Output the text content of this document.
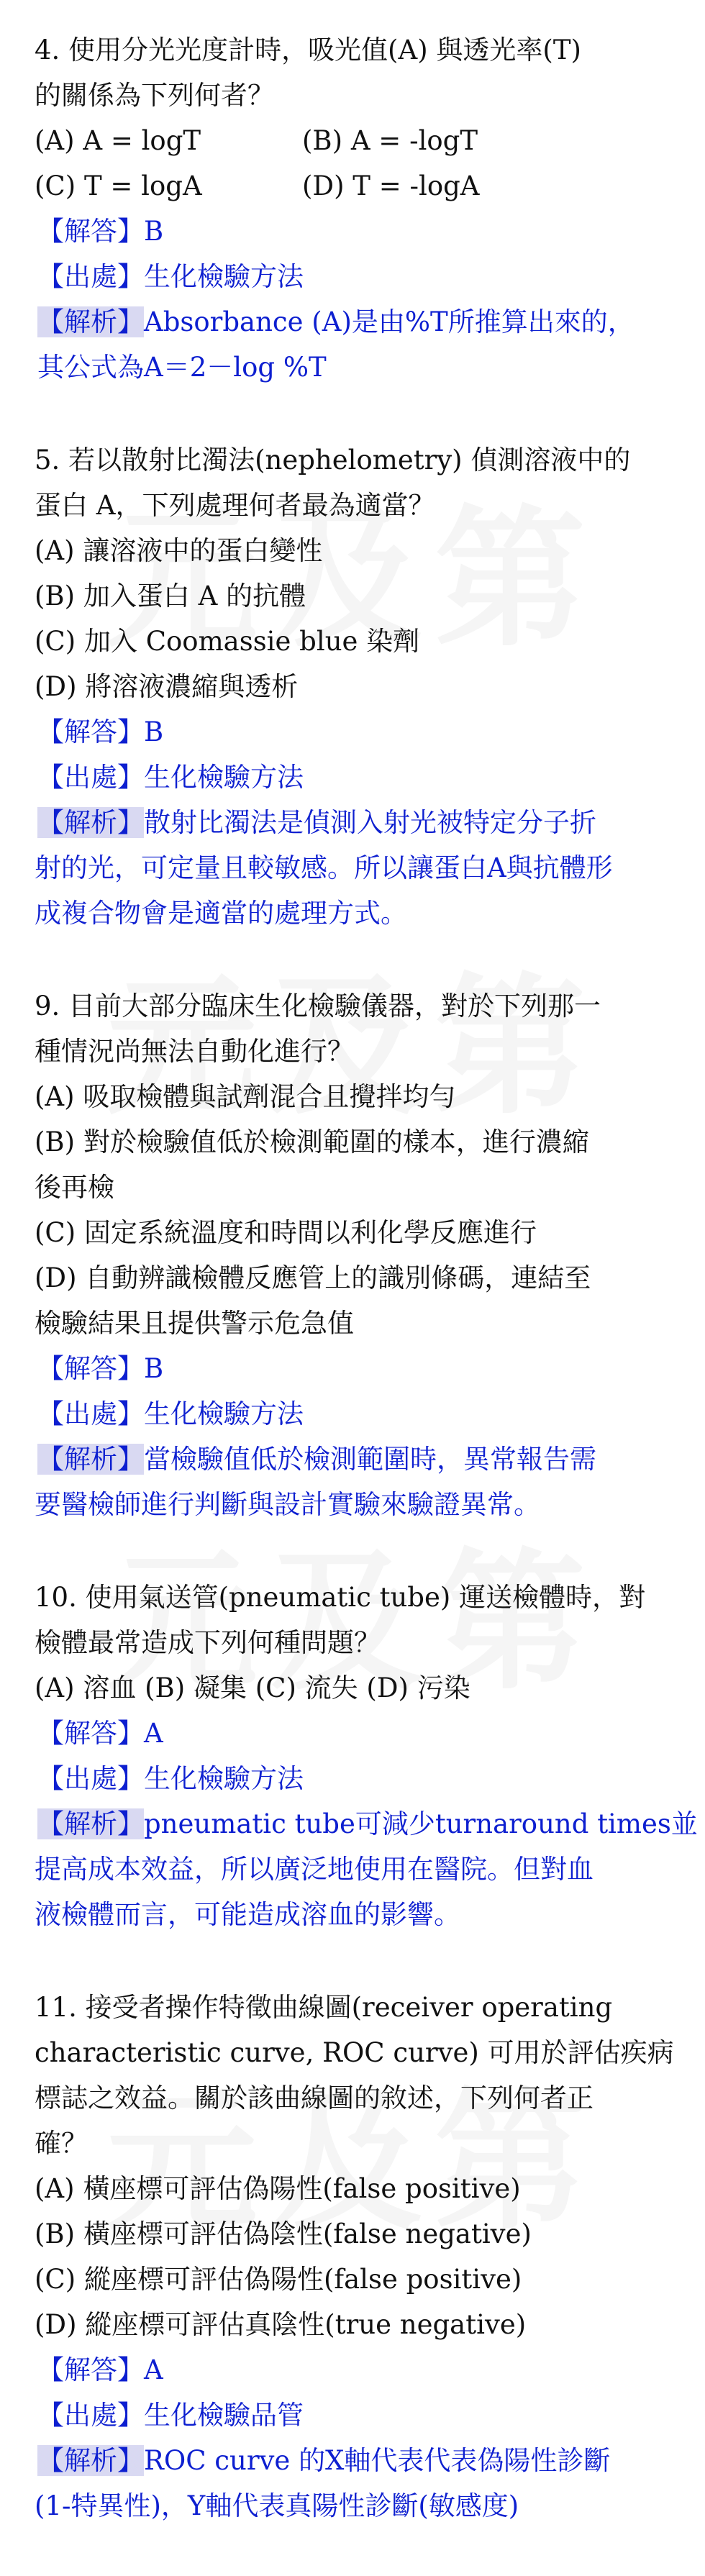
4. 使用分光光度計時，吸光值(A) 與透光率(T)
的關係為下列何者？
(A) A = logT	(B) A = -logT
(C) T = logA	(D) T = -logA
【解答】B
【出處】生化檢驗方法
【解析】Absorbance (A)是由%T所推算出來的，
其公式為A＝2－log %T
5. 若以散射比濁法(nephelometry) 偵測溶液中的
蛋白 A，下列處理何者最為適當？
(A) 讓溶液中的蛋白變性
(B) 加入蛋白 A 的抗體
(C) 加入 Coomassie blue 染劑
(D) 將溶液濃縮與透析
【解答】B
【出處】生化檢驗方法
【解析】散射比濁法是偵測入射光被特定分子折
射的光，可定量且較敏感。所以讓蛋白A與抗體形
成複合物會是適當的處理方式。
9. 目前大部分臨床生化檢驗儀器，對於下列那一
種情況尚無法自動化進行？
(A) 吸取檢體與試劑混合且攪拌均勻
(B) 對於檢驗值低於檢測範圍的樣本，進行濃縮
後再檢
(C) 固定系統溫度和時間以利化學反應進行
(D) 自動辨識檢體反應管上的識別條碼，連結至
檢驗結果且提供警示危急值
【解答】B
【出處】生化檢驗方法
【解析】當檢驗值低於檢測範圍時，異常報告需
要醫檢師進行判斷與設計實驗來驗證異常。
10. 使用氣送管(pneumatic tube) 運送檢體時，對
檢體最常造成下列何種問題？
(A) 溶血 (B) 凝集 (C) 流失 (D) 污染
【解答】A
【出處】生化檢驗方法
【解析】pneumatic tube可減少turnaround times並
提高成本效益，所以廣泛地使用在醫院。但對血
液檢體而言，可能造成溶血的影響。
11. 接受者操作特徵曲線圖(receiver operating
characteristic curve, ROC curve) 可用於評估疾病
標誌之效益。關於該曲線圖的敘述，下列何者正
確？
(A) 橫座標可評估偽陽性(false positive)
(B) 橫座標可評估偽陰性(false negative)
(C) 縱座標可評估偽陽性(false positive)
(D) 縱座標可評估真陰性(true negative)
【解答】A
【出處】生化檢驗品管
【解析】ROC curve 的X軸代表代表偽陽性診斷
(1-特異性)，Y軸代表真陽性診斷(敏感度)
